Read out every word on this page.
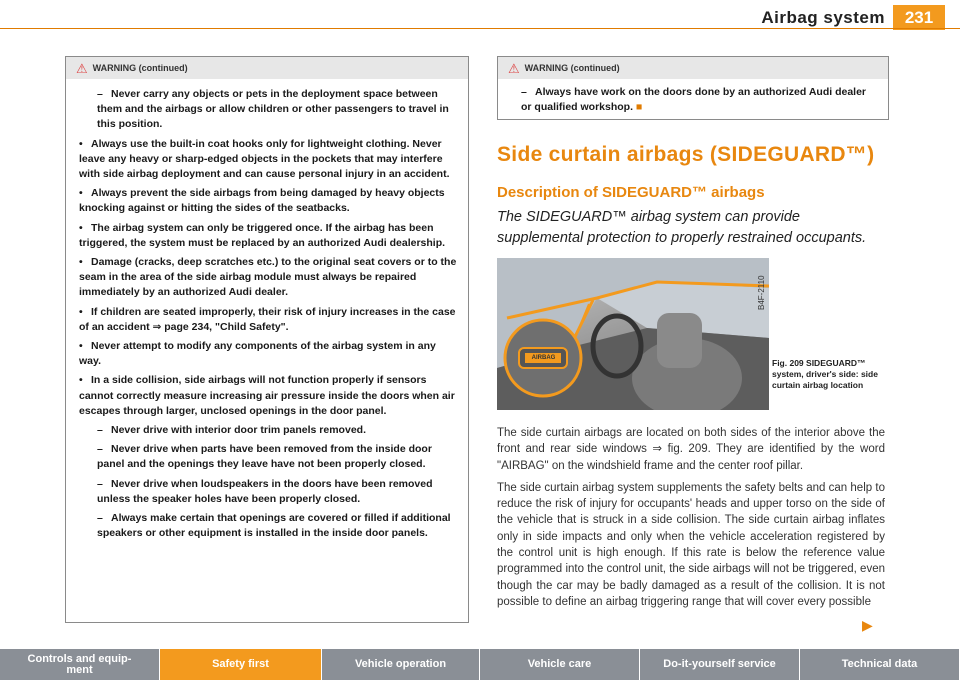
Airbag system	231
⚠ WARNING (continued)

– Never carry any objects or pets in the deployment space between them and the airbags or allow children or other passengers to travel in this position.

• Always use the built-in coat hooks only for lightweight clothing. Never leave any heavy or sharp-edged objects in the pockets that may interfere with side airbag deployment and can cause personal injury in an accident.

• Always prevent the side airbags from being damaged by heavy objects knocking against or hitting the sides of the seatbacks.

• The airbag system can only be triggered once. If the airbag has been triggered, the system must be replaced by an authorized Audi dealership.

• Damage (cracks, deep scratches etc.) to the original seat covers or to the seam in the area of the side airbag module must always be repaired immediately by an authorized Audi dealer.

• If children are seated improperly, their risk of injury increases in the case of an accident ⇒ page 234, "Child Safety".

• Never attempt to modify any components of the airbag system in any way.

• In a side collision, side airbags will not function properly if sensors cannot correctly measure increasing air pressure inside the doors when air escapes through larger, unclosed openings in the door panel.

– Never drive with interior door trim panels removed.

– Never drive when parts have been removed from the inside door panel and the openings they leave have not been properly closed.

– Never drive when loudspeakers in the doors have been removed unless the speaker holes have been properly closed.

– Always make certain that openings are covered or filled if additional speakers or other equipment is installed in the inside door panels.

⚠ WARNING (continued)

– Always have work on the doors done by an authorized Audi dealer or qualified workshop. ■

Side curtain airbags (SIDEGUARD™)
Description of SIDEGUARD™ airbags
The SIDEGUARD™ airbag system can provide supplemental protection to properly restrained occupants.
AIRBAG
B4F-2110
Fig. 209 SIDEGUARD™ system, driver's side: side curtain airbag location

The side curtain airbags are located on both sides of the interior above the front and rear side windows ⇒ fig. 209. They are identified by the word "AIRBAG" on the windshield frame and the center roof pillar.

The side curtain airbag system supplements the safety belts and can help to reduce the risk of injury for occupants' heads and upper torso on the side of the vehicle that is struck in a side collision. The side curtain airbag inflates only in side impacts and only when the vehicle acceleration registered by the control unit is high enough. If this rate is below the reference value programmed into the control unit, the side airbags will not be triggered, even though the car may be badly damaged as a result of the collision. It is not possible to define an airbag triggering range that will cover every possible

▶
Controls and equip-
ment	Safety first	Vehicle operation	Vehicle care	Do-it-yourself service	Technical data
